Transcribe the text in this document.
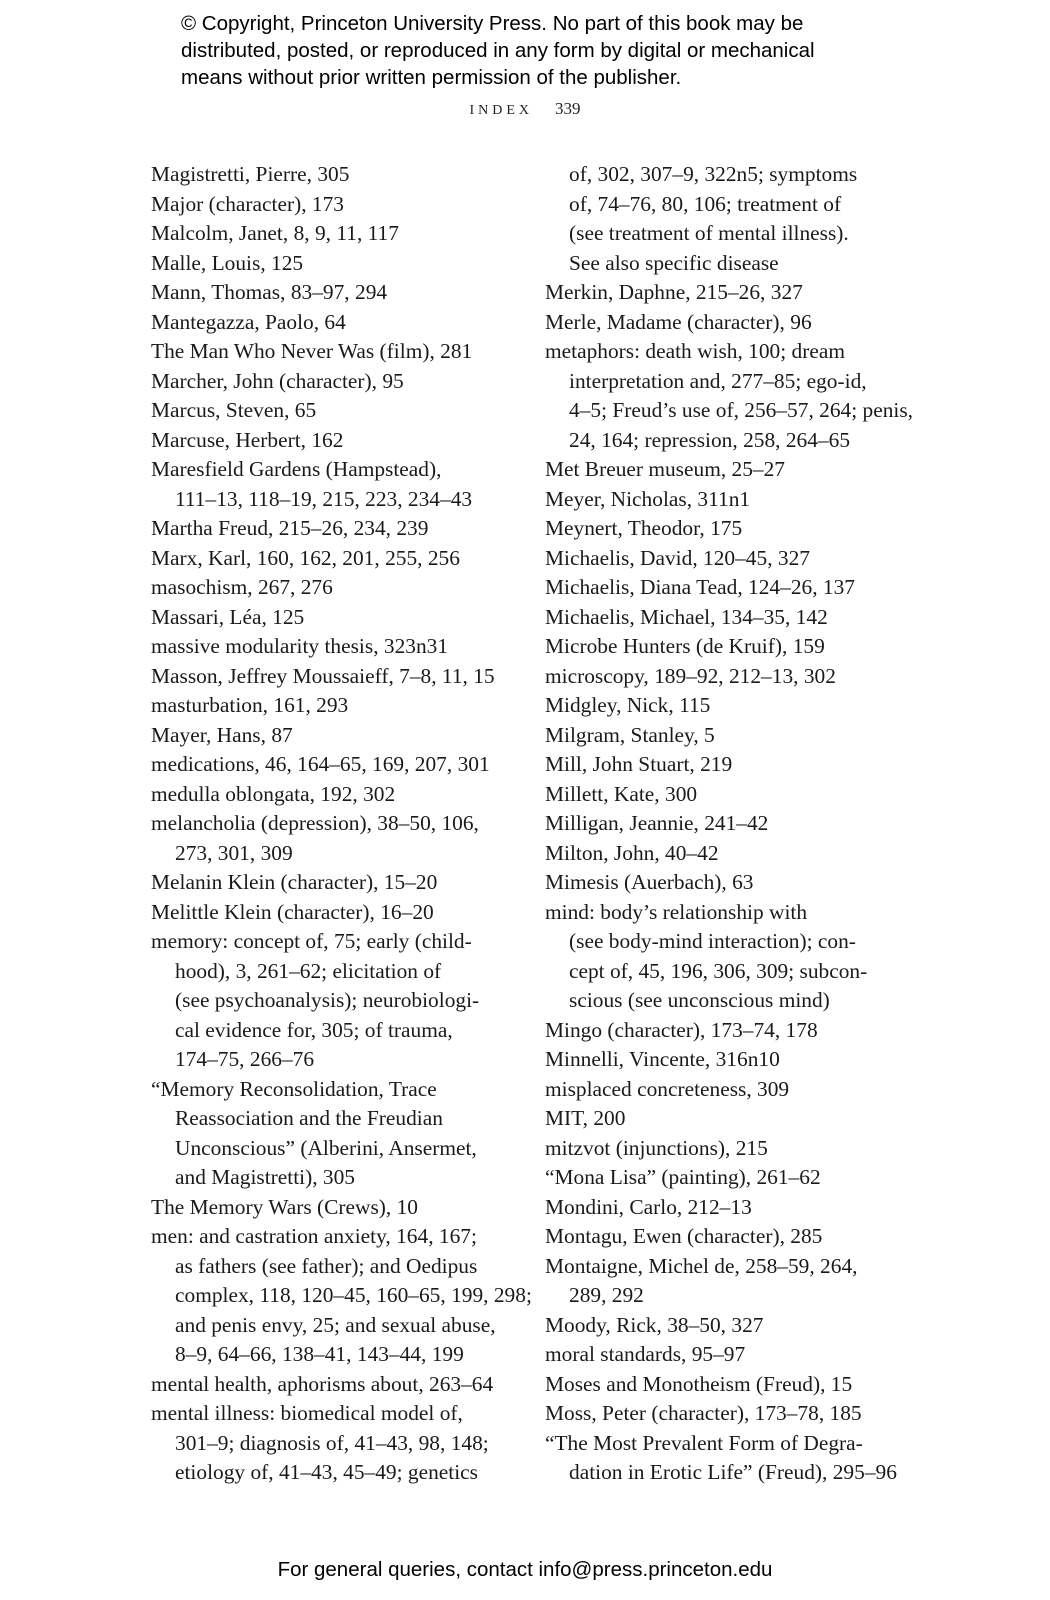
© Copyright, Princeton University Press. No part of this book may be
distributed, posted, or reproduced in any form by digital or mechanical
means without prior written permission of the publisher.
INDEX 339
Magistretti, Pierre, 305
Major (character), 173
Malcolm, Janet, 8, 9, 11, 117
Malle, Louis, 125
Mann, Thomas, 83–97, 294
Mantegazza, Paolo, 64
The Man Who Never Was (film), 281
Marcher, John (character), 95
Marcus, Steven, 65
Marcuse, Herbert, 162
Maresfield Gardens (Hampstead),
111–13, 118–19, 215, 223, 234–43
Martha Freud, 215–26, 234, 239
Marx, Karl, 160, 162, 201, 255, 256
masochism, 267, 276
Massari, Léa, 125
massive modularity thesis, 323n31
Masson, Jeffrey Moussaieff, 7–8, 11, 15
masturbation, 161, 293
Mayer, Hans, 87
medications, 46, 164–65, 169, 207, 301
medulla oblongata, 192, 302
melancholia (depression), 38–50, 106,
273, 301, 309
Melanin Klein (character), 15–20
Melittle Klein (character), 16–20
memory: concept of, 75; early (child-
hood), 3, 261–62; elicitation of
(see psychoanalysis); neurobiologi-
cal evidence for, 305; of trauma,
174–75, 266–76
“Memory Reconsolidation, Trace
Reassociation and the Freudian
Unconscious” (Alberini, Ansermet,
and Magistretti), 305
The Memory Wars (Crews), 10
men: and castration anxiety, 164, 167;
as fathers (see father); and Oedipus
complex, 118, 120–45, 160–65, 199, 298;
and penis envy, 25; and sexual abuse,
8–9, 64–66, 138–41, 143–44, 199
mental health, aphorisms about, 263–64
mental illness: biomedical model of,
301–9; diagnosis of, 41–43, 98, 148;
etiology of, 41–43, 45–49; genetics
of, 302, 307–9, 322n5; symptoms
of, 74–76, 80, 106; treatment of
(see treatment of mental illness).
See also specific disease
Merkin, Daphne, 215–26, 327
Merle, Madame (character), 96
metaphors: death wish, 100; dream
interpretation and, 277–85; ego-id,
4–5; Freud’s use of, 256–57, 264; penis,
24, 164; repression, 258, 264–65
Met Breuer museum, 25–27
Meyer, Nicholas, 311n1
Meynert, Theodor, 175
Michaelis, David, 120–45, 327
Michaelis, Diana Tead, 124–26, 137
Michaelis, Michael, 134–35, 142
Microbe Hunters (de Kruif), 159
microscopy, 189–92, 212–13, 302
Midgley, Nick, 115
Milgram, Stanley, 5
Mill, John Stuart, 219
Millett, Kate, 300
Milligan, Jeannie, 241–42
Milton, John, 40–42
Mimesis (Auerbach), 63
mind: body’s relationship with
(see body-mind interaction); con-
cept of, 45, 196, 306, 309; subcon-
scious (see unconscious mind)
Mingo (character), 173–74, 178
Minnelli, Vincente, 316n10
misplaced concreteness, 309
MIT, 200
mitzvot (injunctions), 215
“Mona Lisa” (painting), 261–62
Mondini, Carlo, 212–13
Montagu, Ewen (character), 285
Montaigne, Michel de, 258–59, 264,
289, 292
Moody, Rick, 38–50, 327
moral standards, 95–97
Moses and Monotheism (Freud), 15
Moss, Peter (character), 173–78, 185
“The Most Prevalent Form of Degra-
dation in Erotic Life” (Freud), 295–96
For general queries, contact info@press.princeton.edu
